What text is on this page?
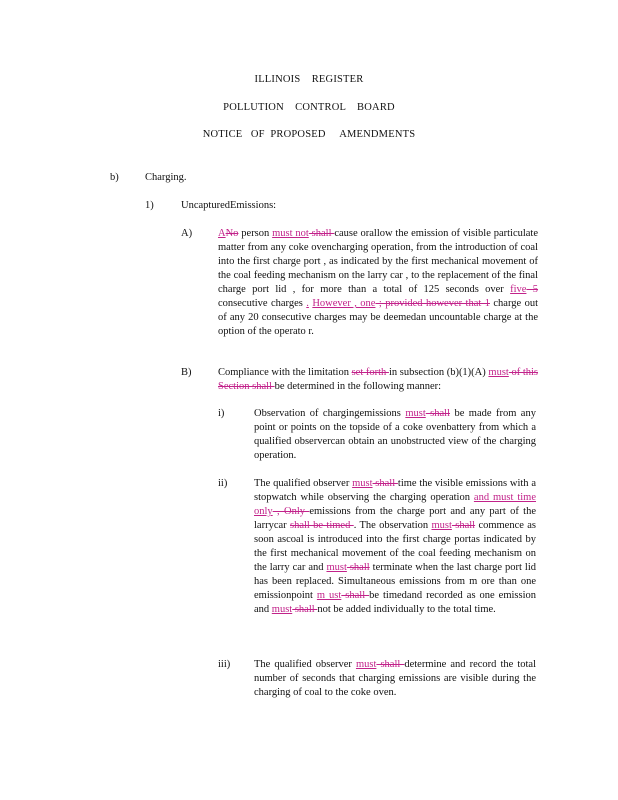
ILLINOIS    REGISTER
POLLUTION    CONTROL    BOARD
NOTICE   OF  PROPOSED     AMENDMENTS
b)	Charging.
1)	UncapturedEmissions:
A) ANo person must not shall cause orallow the emission of visible particulate matter from any coke ovencharging operation, from the introduction of coal into the first charge port , as indicated by the first mechanical movement of the coal feeding mechanism on the larry car , to the replacement of the final charge port lid , for more than a total of 125 seconds over five 5 consecutive charges . However , one ; provided however that 1 charge out of any 20 consecutive charges may be deemedan uncountable charge at the option of the operato r.
B)	Compliance with the limitation set forth in subsection (b)(1)(A) must of this Section shall be determined in the following manner:
i)	Observation of chargingemissions must shall be made from any point or points on the topside of a coke ovenbattery from which a qualified observercan obtain an unobstructed view of the charging operation.
ii)	The qualified observer must shall time the visible emissions with a stopwatch while observing the charging operation and must time only , Only emissions from the charge port and any part of the larrycar shall be timed . The observation must shall commence as soon ascoal is introduced into the first charge portas indicated by the first mechanical movement of the coal feeding mechanism on the larry car and must shall terminate when the last charge port lid has been replaced. Simultaneous emissions from m ore than one emissionpoint m ust shall be timedand recorded as one emission and must shall not be added individually to the total time.
iii) The qualified observer must shall determine and record the total number of seconds that charging emissions are visible during the charging of coal to the coke oven.
